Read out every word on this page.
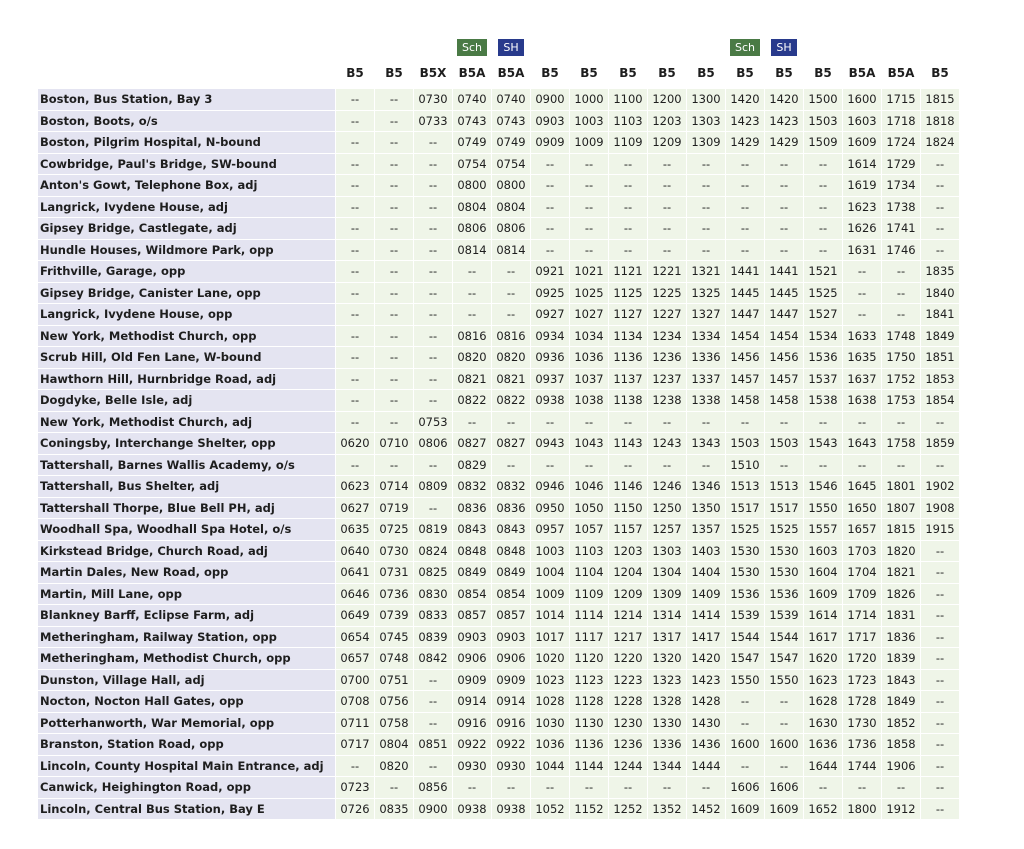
				Sch	SH						Sch	SH				
	B5	B5	B5X	B5A	B5A	B5	B5	B5	B5	B5	B5	B5	B5	B5A	B5A	B5
Boston, Bus Station, Bay 3	--	--	0730	0740	0740	0900	1000	1100	1200	1300	1420	1420	1500	1600	1715	1815
Boston, Boots, o/s	--	--	0733	0743	0743	0903	1003	1103	1203	1303	1423	1423	1503	1603	1718	1818
Boston, Pilgrim Hospital, N-bound	--	--	--	0749	0749	0909	1009	1109	1209	1309	1429	1429	1509	1609	1724	1824
Cowbridge, Paul's Bridge, SW-bound	--	--	--	0754	0754	--	--	--	--	--	--	--	--	1614	1729	--
Anton's Gowt, Telephone Box, adj	--	--	--	0800	0800	--	--	--	--	--	--	--	--	1619	1734	--
Langrick, Ivydene House, adj	--	--	--	0804	0804	--	--	--	--	--	--	--	--	1623	1738	--
Gipsey Bridge, Castlegate, adj	--	--	--	0806	0806	--	--	--	--	--	--	--	--	1626	1741	--
Hundle Houses, Wildmore Park, opp	--	--	--	0814	0814	--	--	--	--	--	--	--	--	1631	1746	--
Frithville, Garage, opp	--	--	--	--	--	0921	1021	1121	1221	1321	1441	1441	1521	--	--	1835
Gipsey Bridge, Canister Lane, opp	--	--	--	--	--	0925	1025	1125	1225	1325	1445	1445	1525	--	--	1840
Langrick, Ivydene House, opp	--	--	--	--	--	0927	1027	1127	1227	1327	1447	1447	1527	--	--	1841
New York, Methodist Church, opp	--	--	--	0816	0816	0934	1034	1134	1234	1334	1454	1454	1534	1633	1748	1849
Scrub Hill, Old Fen Lane, W-bound	--	--	--	0820	0820	0936	1036	1136	1236	1336	1456	1456	1536	1635	1750	1851
Hawthorn Hill, Hurnbridge Road, adj	--	--	--	0821	0821	0937	1037	1137	1237	1337	1457	1457	1537	1637	1752	1853
Dogdyke, Belle Isle, adj	--	--	--	0822	0822	0938	1038	1138	1238	1338	1458	1458	1538	1638	1753	1854
New York, Methodist Church, adj	--	--	0753	--	--	--	--	--	--	--	--	--	--	--	--	--
Coningsby, Interchange Shelter, opp	0620	0710	0806	0827	0827	0943	1043	1143	1243	1343	1503	1503	1543	1643	1758	1859
Tattershall, Barnes Wallis Academy, o/s	--	--	--	0829	--	--	--	--	--	--	1510	--	--	--	--	--
Tattershall, Bus Shelter, adj	0623	0714	0809	0832	0832	0946	1046	1146	1246	1346	1513	1513	1546	1645	1801	1902
Tattershall Thorpe, Blue Bell PH, adj	0627	0719	--	0836	0836	0950	1050	1150	1250	1350	1517	1517	1550	1650	1807	1908
Woodhall Spa, Woodhall Spa Hotel, o/s	0635	0725	0819	0843	0843	0957	1057	1157	1257	1357	1525	1525	1557	1657	1815	1915
Kirkstead Bridge, Church Road, adj	0640	0730	0824	0848	0848	1003	1103	1203	1303	1403	1530	1530	1603	1703	1820	--
Martin Dales, New Road, opp	0641	0731	0825	0849	0849	1004	1104	1204	1304	1404	1530	1530	1604	1704	1821	--
Martin, Mill Lane, opp	0646	0736	0830	0854	0854	1009	1109	1209	1309	1409	1536	1536	1609	1709	1826	--
Blankney Barff, Eclipse Farm, adj	0649	0739	0833	0857	0857	1014	1114	1214	1314	1414	1539	1539	1614	1714	1831	--
Metheringham, Railway Station, opp	0654	0745	0839	0903	0903	1017	1117	1217	1317	1417	1544	1544	1617	1717	1836	--
Metheringham, Methodist Church, opp	0657	0748	0842	0906	0906	1020	1120	1220	1320	1420	1547	1547	1620	1720	1839	--
Dunston, Village Hall, adj	0700	0751	--	0909	0909	1023	1123	1223	1323	1423	1550	1550	1623	1723	1843	--
Nocton, Nocton Hall Gates, opp	0708	0756	--	0914	0914	1028	1128	1228	1328	1428	--	--	1628	1728	1849	--
Potterhanworth, War Memorial, opp	0711	0758	--	0916	0916	1030	1130	1230	1330	1430	--	--	1630	1730	1852	--
Branston, Station Road, opp	0717	0804	0851	0922	0922	1036	1136	1236	1336	1436	1600	1600	1636	1736	1858	--
Lincoln, County Hospital Main Entrance, adj	--	0820	--	0930	0930	1044	1144	1244	1344	1444	--	--	1644	1744	1906	--
Canwick, Heighington Road, opp	0723	--	0856	--	--	--	--	--	--	--	1606	1606	--	--	--	--
Lincoln, Central Bus Station, Bay E	0726	0835	0900	0938	0938	1052	1152	1252	1352	1452	1609	1609	1652	1800	1912	--
